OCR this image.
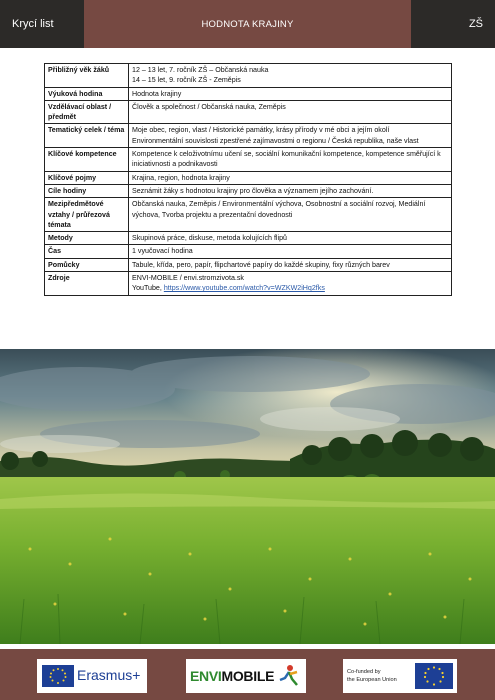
Krycí list	HODNOTA KRAJINY	ZŠ
Přibližný věk žáků	12 – 13 let, 7. ročník ZŠ – Občanská nauka
14 – 15 let, 9. ročník ZŠ - Zeměpis

Výuková hodina	Hodnota krajiny

Vzdělávací oblast / předmět	Člověk a společnost / Občanská nauka, Zeměpis

Tematický celek / téma	Moje obec, region, vlast / Historické památky, krásy přírody v mé obci a jejím okolí
Environmentální souvislosti zpestřené zajímavostmi o regionu / Česká republika, naše vlast

Klíčové kompetence	Kompetence k celoživotnímu učení se, sociální komunikační kompetence, kompetence směřující k iniciativnosti a podnikavosti

Klíčové pojmy	Krajina, region, hodnota krajiny

Cíle hodiny	Seznámit žáky s hodnotou krajiny pro člověka a významem jejího zachování.

Mezipředmětové vztahy / průřezová témata	Občanská nauka, Zeměpis / Environmentální výchova, Osobnostní a sociální rozvoj, Mediální výchova, Tvorba projektu a prezentační dovednosti

Metody	Skupinová práce, diskuse, metoda kolujících flipů

Čas	1 vyučovací hodina

Pomůcky	Tabule, křída, pero, papír, flipchartové papíry do každé skupiny, fixy různých barev

Zdroje	ENVI-MOBILE / envi.stromzivota.sk
YouTube, https://www.youtube.com/watch?v=WZKW2iHq2fks
Erasmus+	ENVIMOBILE	Co-funded by
the European Union
